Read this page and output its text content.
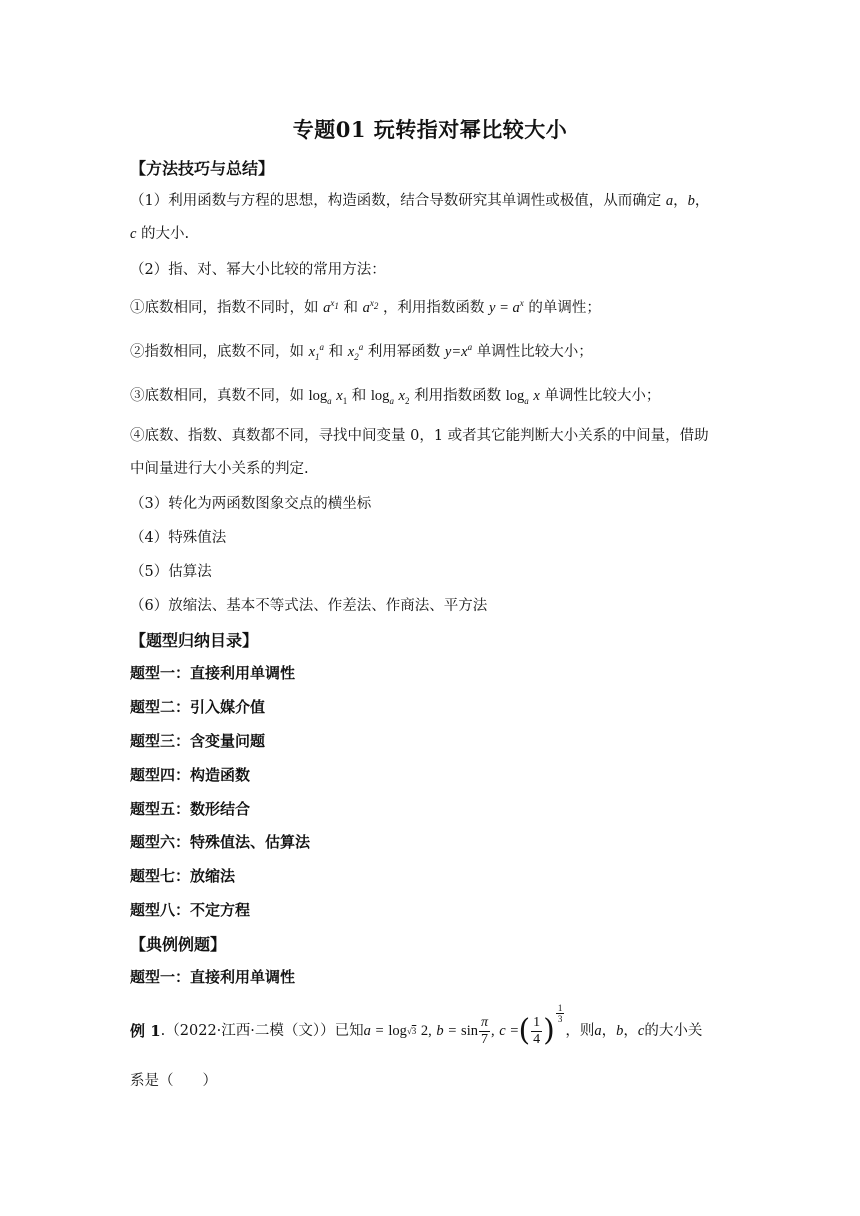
专题01 玩转指对幂比较大小
【方法技巧与总结】
（1）利用函数与方程的思想，构造函数，结合导数研究其单调性或极值，从而确定 a，b，
c 的大小.
（2）指、对、幂大小比较的常用方法：
①底数相同，指数不同时，如 $a^{x_1}$ 和 $a^{x_2}$ ，利用指数函数 $y = a^x$ 的单调性；
②指数相同，底数不同，如 $x_1^a$ 和 $x_2^a$ 利用幂函数 $y=x^a$ 单调性比较大小；
③底数相同，真数不同，如 $\log_a x_1$ 和 $\log_a x_2$ 利用指数函数 $\log_a x$ 单调性比较大小；
④底数、指数、真数都不同，寻找中间变量 0，1 或者其它能判断大小关系的中间量，借助
中间量进行大小关系的判定.
（3）转化为两函数图象交点的横坐标
（4）特殊值法
（5）估算法
（6）放缩法、基本不等式法、作差法、作商法、平方法
【题型归纳目录】
题型一：直接利用单调性
题型二：引入媒介值
题型三：含变量问题
题型四：构造函数
题型五：数形结合
题型六：特殊值法、估算法
题型七：放缩法
题型八：不定方程
【典例例题】
题型一：直接利用单调性
例 1 .（2022·江西·二模（文））已知 a
=
log √3
2,
b
=
$\sin \frac{\pi}{7}$ ,
c
= ( $\frac{1}{4}$ ) $\frac{1}{3}$
，则 a ， b ， c 的大小关
系是（　　）
